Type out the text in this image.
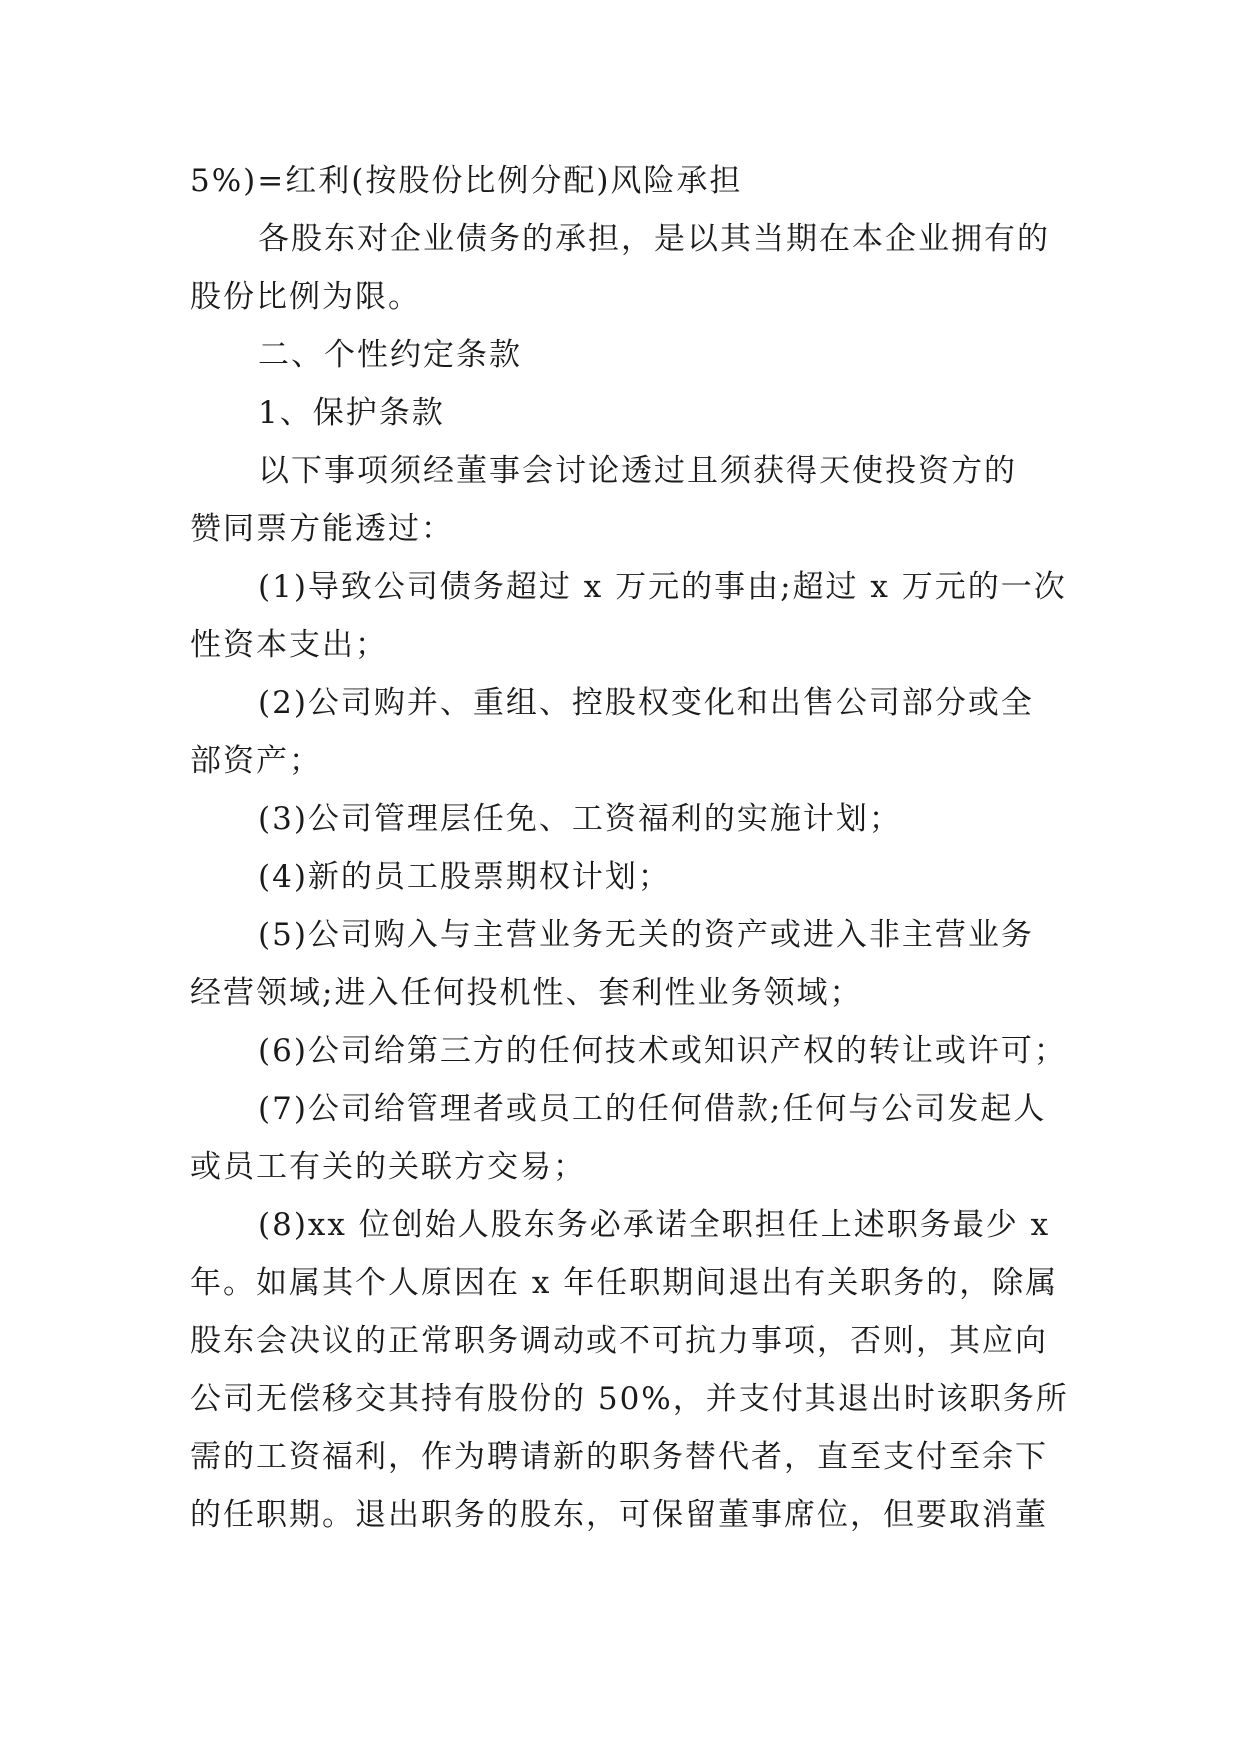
5%)=红利(按股份比例分配)风险承担
各股东对企业债务的承担，是以其当期在本企业拥有的
股份比例为限。
二、个性约定条款
1、保护条款
以下事项须经董事会讨论透过且须获得天使投资方的
赞同票方能透过：
(1)导致公司债务超过 x 万元的事由;超过 x 万元的一次
性资本支出；
(2)公司购并、重组、控股权变化和出售公司部分或全
部资产；
(3)公司管理层任免、工资福利的实施计划；
(4)新的员工股票期权计划；
(5)公司购入与主营业务无关的资产或进入非主营业务
经营领域;进入任何投机性、套利性业务领域；
(6)公司给第三方的任何技术或知识产权的转让或许可；
(7)公司给管理者或员工的任何借款;任何与公司发起人
或员工有关的关联方交易；
(8)xx 位创始人股东务必承诺全职担任上述职务最少 x
年。如属其个人原因在 x 年任职期间退出有关职务的，除属
股东会决议的正常职务调动或不可抗力事项，否则，其应向
公司无偿移交其持有股份的 50%，并支付其退出时该职务所
需的工资福利，作为聘请新的职务替代者，直至支付至余下
的任职期。退出职务的股东，可保留董事席位，但要取消董
